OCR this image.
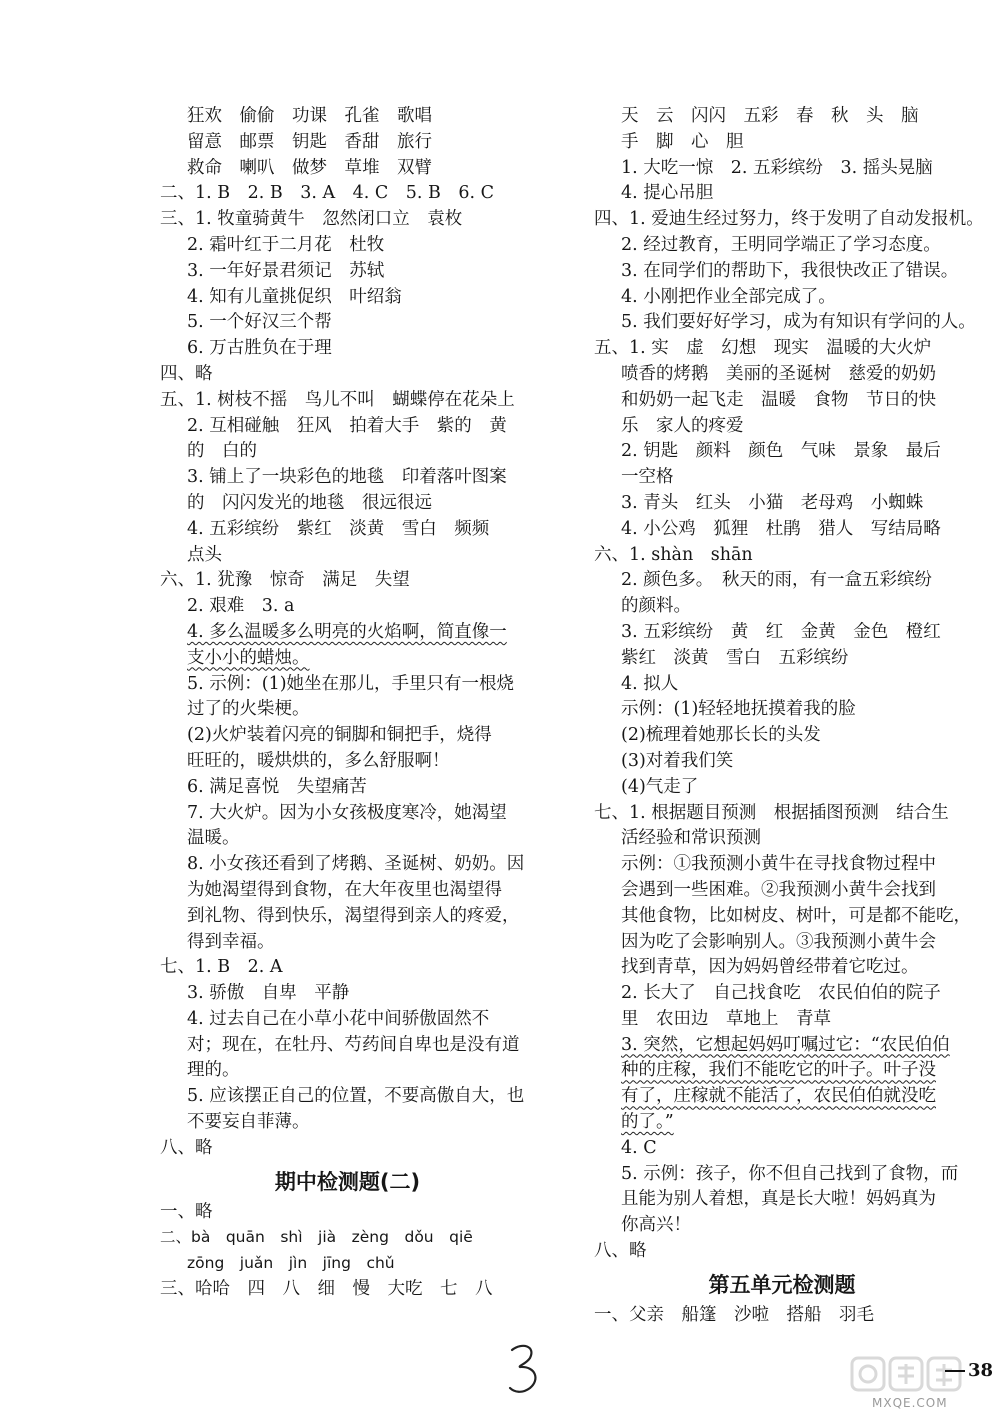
狂欢　偷偷　功课　孔雀　歌唱
留意　邮票　钥匙　香甜　旅行
救命　喇叭　做梦　草堆　双臂
二、1. B　2. B　3. A　4. C　5. B　6. C
三、1. 牧童骑黄牛　忽然闭口立　袁枚
2. 霜叶红于二月花　杜牧
3. 一年好景君须记　苏轼
4. 知有儿童挑促织　叶绍翁
5. 一个好汉三个帮
6. 万古胜负在于理
四、略
五、1. 树枝不摇　鸟儿不叫　蝴蝶停在花朵上
2. 互相碰触　狂风　拍着大手　紫的　黄
的　白的
3. 铺上了一块彩色的地毯　印着落叶图案
的　闪闪发光的地毯　很远很远
4. 五彩缤纷　紫红　淡黄　雪白　频频
点头
六、1. 犹豫　惊奇　满足　失望
2. 艰难　3. a
4. 多么温暖多么明亮的火焰啊，简直像一
支小小的蜡烛。
5. 示例：(1)她坐在那儿，手里只有一根烧
过了的火柴梗。
(2)火炉装着闪亮的铜脚和铜把手，烧得
旺旺的，暖烘烘的，多么舒服啊！
6. 满足喜悦　失望痛苦
7. 大火炉。因为小女孩极度寒冷，她渴望
温暖。
8. 小女孩还看到了烤鹅、圣诞树、奶奶。因
为她渴望得到食物，在大年夜里也渴望得
到礼物、得到快乐，渴望得到亲人的疼爱，
得到幸福。
七、1. B　2. A
3. 骄傲　自卑　平静
4. 过去自己在小草小花中间骄傲固然不
对；现在，在牡丹、芍药间自卑也是没有道
理的。
5. 应该摆正自己的位置，不要高傲自大，也
不要妄自菲薄。
八、略
期中检测题(二)
一、略
二、bà　quān　shì　jià　zèng　dǒu　qiē
zōng　juǎn　jìn　jīng　chǔ
三、哈哈　四　八　细　慢　大吃　七　八
天　云　闪闪　五彩　春　秋　头　脑
手　脚　心　胆
1. 大吃一惊　2. 五彩缤纷　3. 摇头晃脑
4. 提心吊胆
四、1. 爱迪生经过努力，终于发明了自动发报机。
2. 经过教育，王明同学端正了学习态度。
3. 在同学们的帮助下，我很快改正了错误。
4. 小刚把作业全部完成了。
5. 我们要好好学习，成为有知识有学问的人。
五、1. 实　虚　幻想　现实　温暖的大火炉
喷香的烤鹅　美丽的圣诞树　慈爱的奶奶
和奶奶一起飞走　温暖　食物　节日的快
乐　家人的疼爱
2. 钥匙　颜料　颜色　气味　景象　最后
一空格
3. 青头　红头　小猫　老母鸡　小蜘蛛
4. 小公鸡　狐狸　杜鹃　猎人　写结局略
六、1. shàn　shān
2. 颜色多。　秋天的雨，有一盒五彩缤纷
的颜料。
3. 五彩缤纷　黄　红　金黄　金色　橙红
紫红　淡黄　雪白　五彩缤纷
4. 拟人
示例：(1)轻轻地抚摸着我的脸
(2)梳理着她那长长的头发
(3)对着我们笑
(4)气走了
七、1. 根据题目预测　根据插图预测　结合生
活经验和常识预测
示例：①我预测小黄牛在寻找食物过程中
会遇到一些困难。②我预测小黄牛会找到
其他食物，比如树皮、树叶，可是都不能吃，
因为吃了会影响别人。③我预测小黄牛会
找到青草，因为妈妈曾经带着它吃过。
2. 长大了　自己找食吃　农民伯伯的院子
里　农田边　草地上　青草
3. 突然，它想起妈妈叮嘱过它：“农民伯伯
种的庄稼，我们不能吃它的叶子。叶子没
有了，庄稼就不能活了，农民伯伯就没吃
的了。”
4. C
5. 示例：孩子，你不但自己找到了食物，而
且能为别人着想，真是长大啦！妈妈真为
你高兴！
八、略
第五单元检测题
一、父亲　船篷　沙啦　搭船　羽毛
MXQE.COM
38
